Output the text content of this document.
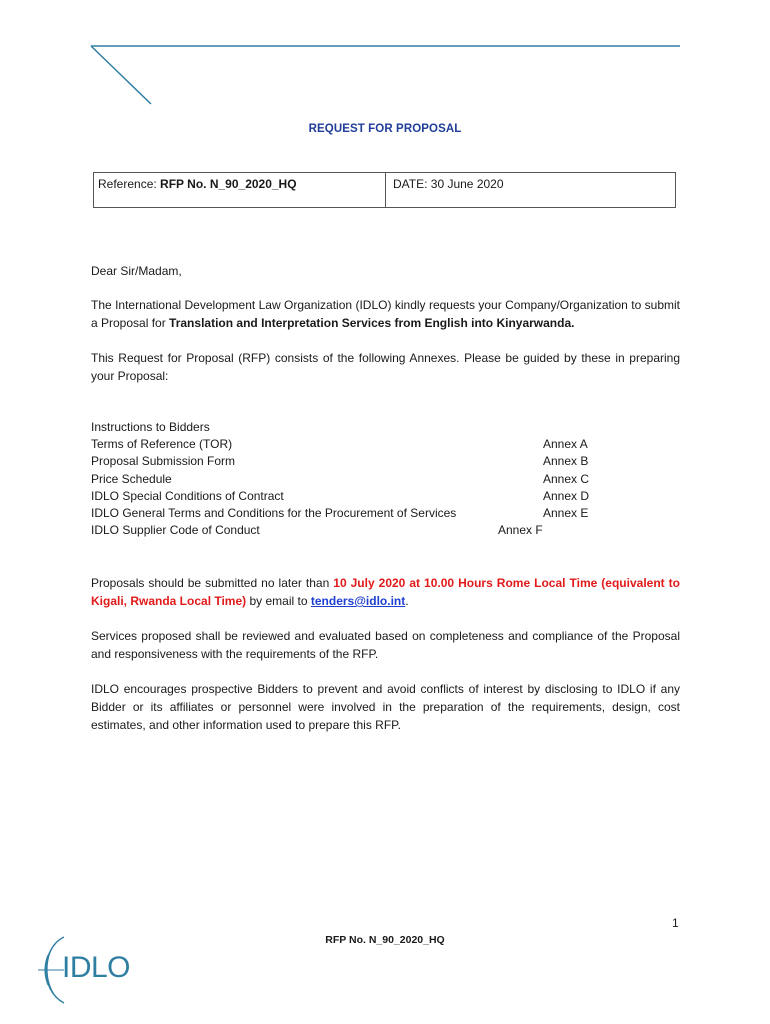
REQUEST FOR PROPOSAL
Reference: RFP No. N_90_2020_HQ	DATE: 30 June 2020
Dear Sir/Madam,
The International Development Law Organization (IDLO) kindly requests your Company/Organization to submit a Proposal for Translation and Interpretation Services from English into Kinyarwanda.
This Request for Proposal (RFP) consists of the following Annexes. Please be guided by these in preparing your Proposal:
Instructions to Bidders
Terms of Reference (TOR)	Annex A
Proposal Submission Form	Annex B
Price Schedule	Annex C
IDLO Special Conditions of Contract	Annex D
IDLO General Terms and Conditions for the Procurement of Services	Annex E
IDLO Supplier Code of Conduct	Annex F
Proposals should be submitted no later than 10 July 2020 at 10.00 Hours Rome Local Time (equivalent to Kigali, Rwanda Local Time) by email to tenders@idlo.int.
Services proposed shall be reviewed and evaluated based on completeness and compliance of the Proposal and responsiveness with the requirements of the RFP.
IDLO encourages prospective Bidders to prevent and avoid conflicts of interest by disclosing to IDLO if any Bidder or its affiliates or personnel were involved in the preparation of the requirements, design, cost estimates, and other information used to prepare this RFP.
1
RFP No. N_90_2020_HQ
IDLO
